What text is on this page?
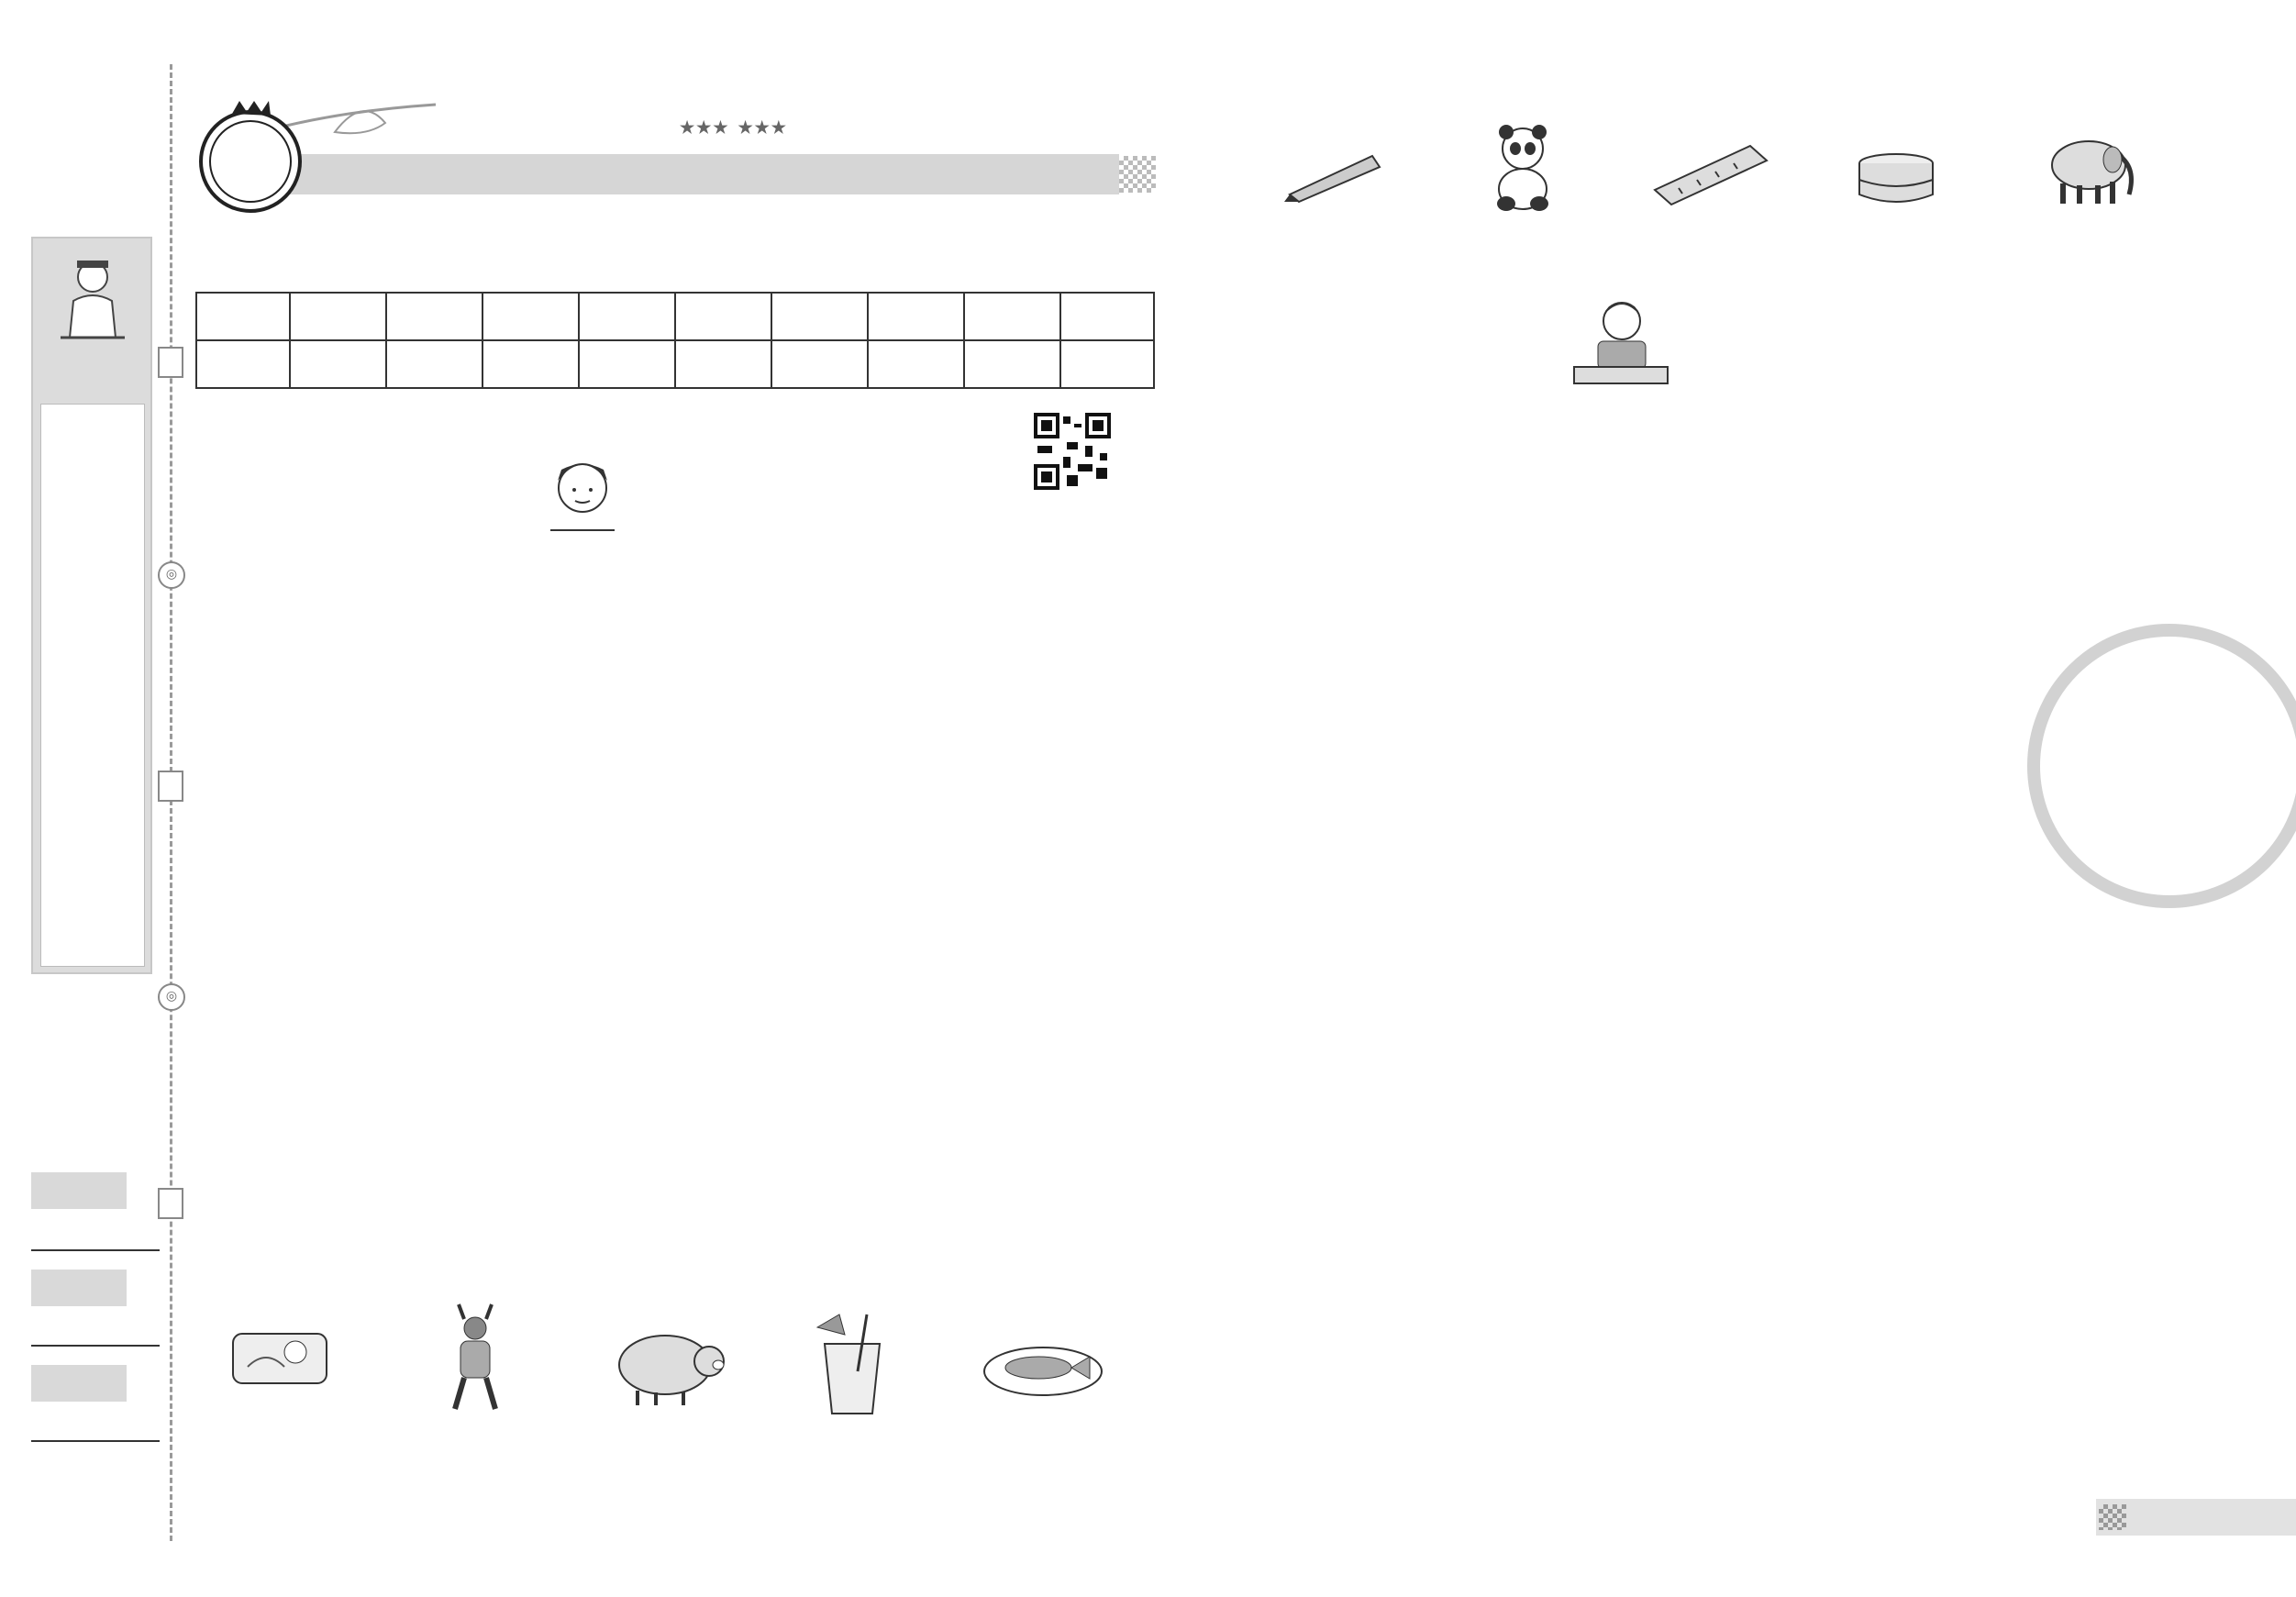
◎
◎
★★★ ★★★
